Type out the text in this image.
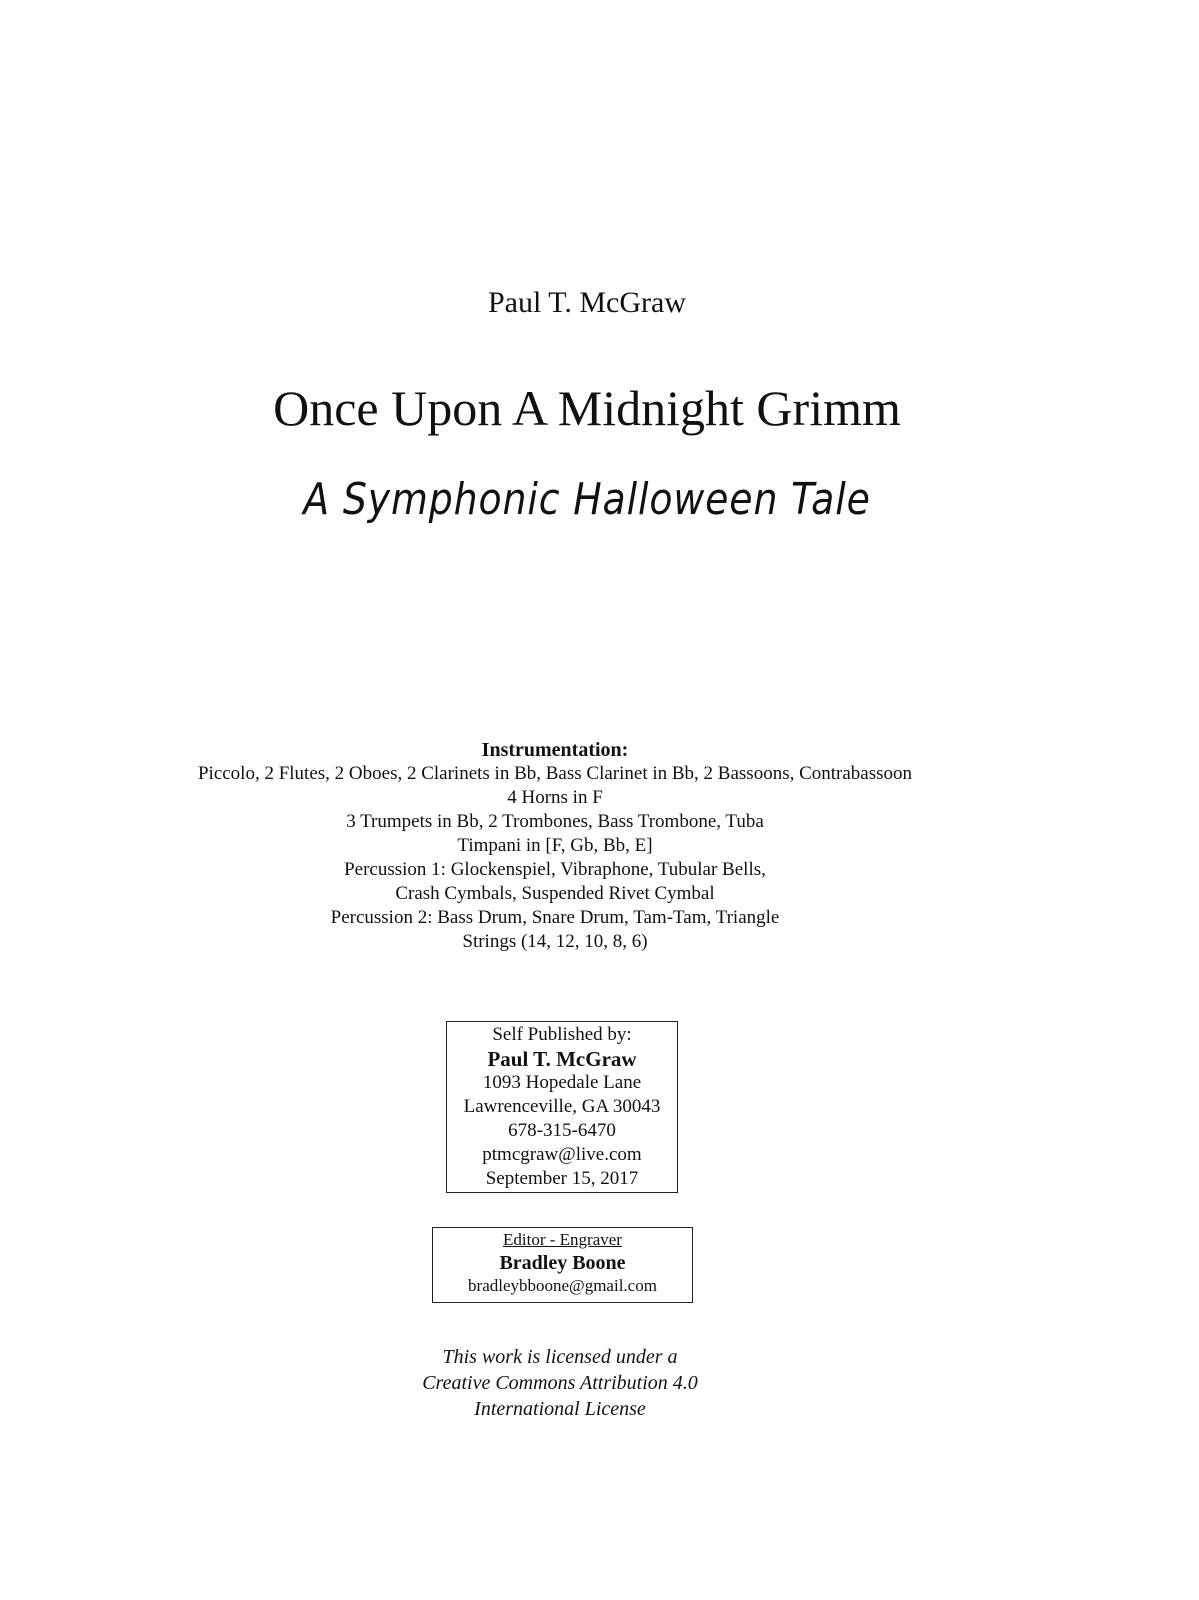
Paul T. McGraw
Once Upon A Midnight Grimm
A Symphonic Halloween Tale
Instrumentation:
Piccolo, 2 Flutes, 2 Oboes, 2 Clarinets in Bb, Bass Clarinet in Bb, 2 Bassoons, Contrabassoon
4 Horns in F
3 Trumpets in Bb, 2 Trombones, Bass Trombone, Tuba
Timpani in [F, Gb, Bb, E]
Percussion 1: Glockenspiel, Vibraphone, Tubular Bells,
Crash Cymbals, Suspended Rivet Cymbal
Percussion 2: Bass Drum, Snare Drum, Tam-Tam, Triangle
Strings (14, 12, 10, 8, 6)
Self Published by:
Paul T. McGraw
1093 Hopedale Lane
Lawrenceville, GA 30043
678-315-6470
ptmcgraw@live.com
September 15, 2017
Editor - Engraver
Bradley Boone
bradleybboone@gmail.com
This work is licensed under a
Creative Commons Attribution 4.0
International License
